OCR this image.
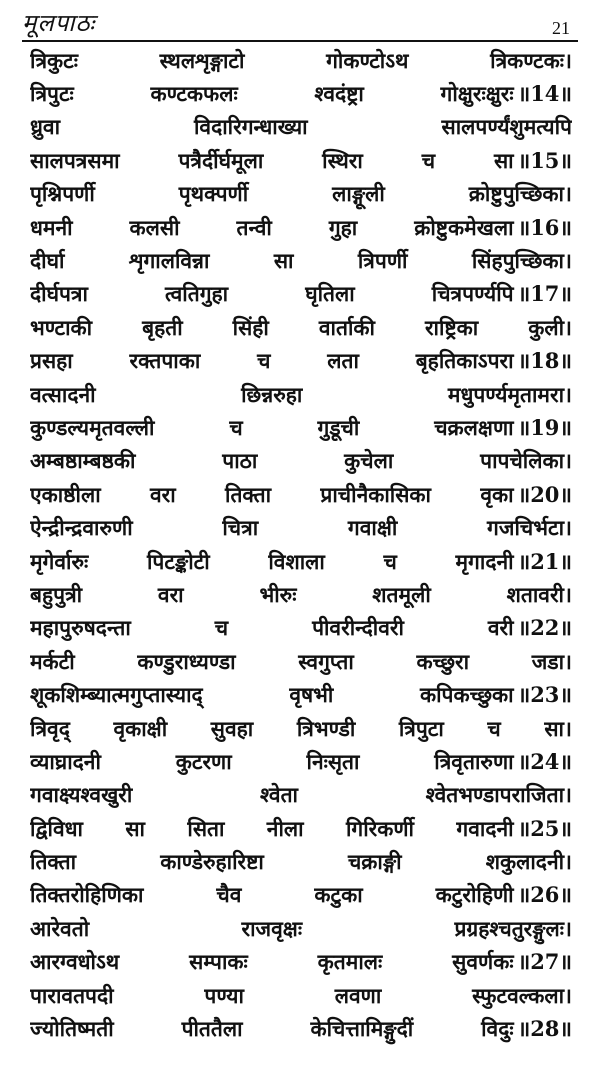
मूलपाठः	21
त्रिकुटः	स्थलशृङ्गाटो	गोकण्टोऽथ	त्रिकण्टकः।
त्रिपुटः	कण्टकफलः	श्वदंष्ट्रा	गोक्षुरःक्षुरः ॥14॥
ध्रुवा	विदारिगन्धाख्या	सालपर्ण्यंशुमत्यपि
सालपत्रसमा	पत्रैर्दीर्घमूला	स्थिरा	च	सा ॥15॥
पृश्निपर्णी	पृथक्पर्णी	लाङ्गूली	क्रोष्टुपुच्छिका।
धमनी	कलसी	तन्वी	गुहा	क्रोष्टुकमेखला ॥16॥
दीर्घा	शृगालविन्ना	सा	त्रिपर्णी	सिंहपुच्छिका।
दीर्घपत्रा	त्वतिगुहा	घृतिला	चित्रपर्ण्यपि ॥17॥
भण्टाकी बृहती सिंही वार्ताकी राष्ट्रिका कुली।
प्रसहा	रक्तपाका	च	लता	बृहतिकाऽपरा ॥18॥
वत्सादनी	छिन्नरुहा	मधुपर्ण्यमृतामरा।
कुण्डल्यमृतवल्ली	च	गुडूची	चक्रलक्षणा ॥19॥
अम्बष्ठाम्बष्ठकी	पाठा	कुचेला	पापचेलिका।
एकाष्ठीला वरा तिक्ता प्राचीनैकासिका वृका ॥20॥
ऐन्द्रीन्द्रवारुणी	चित्रा	गवाक्षी	गजचिर्भटा।
मृगेर्वारुः	पिटङ्कोटी	विशाला	च	मृगादनी ॥21॥
बहुपुत्री	वरा	भीरुः	शतमूली	शतावरी।
महापुरुषदन्ता	च	पीवरीन्दीवरी	वरी ॥22॥
मर्कटी	कण्डुराध्यण्डा	स्वगुप्ता	कच्छुरा	जडा।
शूकशिम्ब्यात्मगुप्तास्याद्	वृषभी	कपिकच्छुका ॥23॥
त्रिवृद् वृकाक्षी सुवहा त्रिभण्डी त्रिपुटा च सा।
व्याघ्रादनी	कुटरणा	निःसृता	त्रिवृतारुणा ॥24॥
गवाक्ष्यश्वखुरी	श्वेता	श्वेतभण्डापराजिता।
द्विविधा सा सिता नीला गिरिकर्णी गवादनी ॥25॥
तिक्ता	काण्डेरुहारिष्टा	चक्राङ्गी	शकुलादनी।
तिक्तरोहिणिका	चैव	कटुका	कटुरोहिणी ॥26॥
आरेवतो	राजवृक्षः	प्रग्रहश्चतुरङ्गुलः।
आरग्वधोऽथ	सम्पाकः	कृतमालः	सुवर्णकः ॥27॥
पारावतपदी	पण्या	लवणा	स्फुटवल्कला।
ज्योतिष्मती	पीततैला	केचित्तामिङ्गुदीं	विदुः ॥28॥
